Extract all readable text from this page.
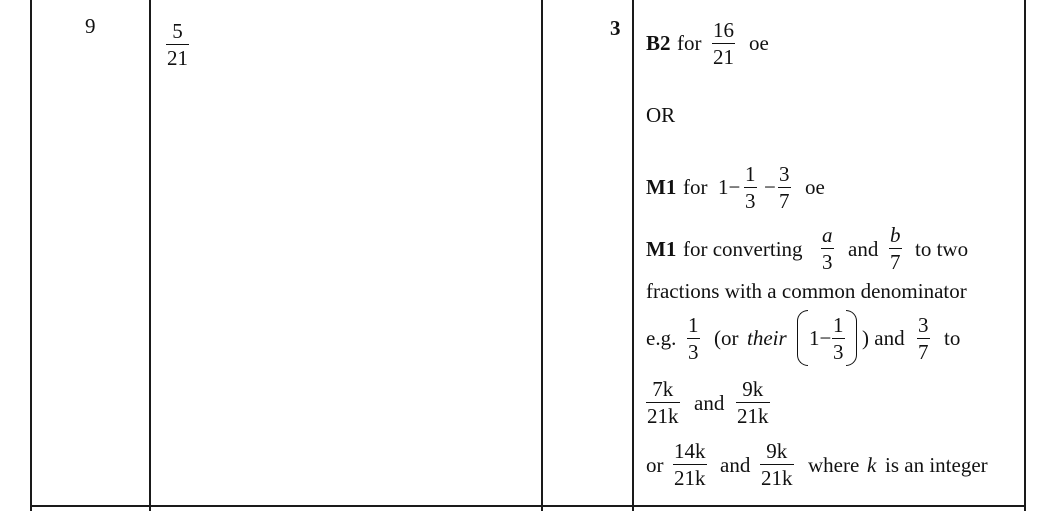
9	5
21
3
B2 for
16
21
oe
OR
M1 for 1−
1
3
−
3
7
oe
M1 for converting
a
3
and
b
7
to two
fractions with a common denominator
e.g.
1
3
(or their 1−
1
3
) and
3
7
to
7k
21k
and
9k
21k
or
14k
21k
and
9k
21k
where k is an integer
